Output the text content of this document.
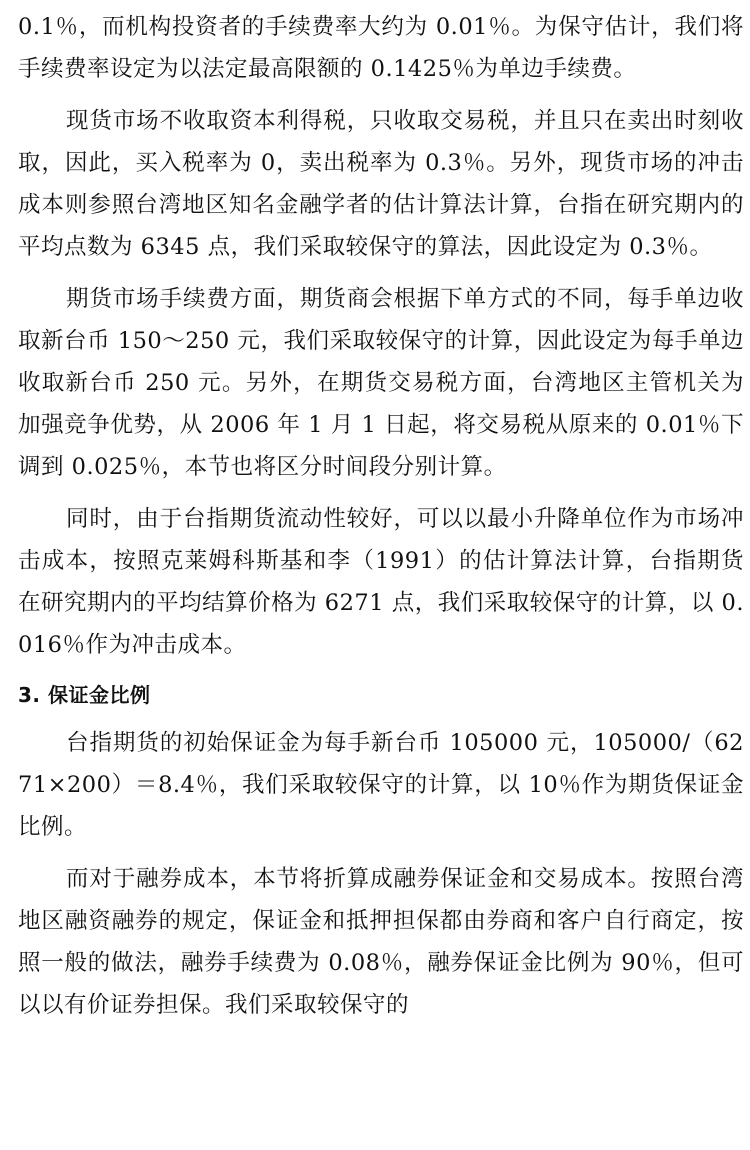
0.1％，而机构投资者的手续费率大约为 0.01％。为保守估计，我们将手续费率设定为以法定最高限额的 0.1425％为单边手续费。

现货市场不收取资本利得税，只收取交易税，并且只在卖出时刻收取，因此，买入税率为 0，卖出税率为 0.3％。另外，现货市场的冲击成本则参照台湾地区知名金融学者的估计算法计算，台指在研究期内的平均点数为 6345 点，我们采取较保守的算法，因此设定为 0.3％。

期货市场手续费方面，期货商会根据下单方式的不同，每手单边收取新台币 150～250 元，我们采取较保守的计算，因此设定为每手单边收取新台币 250 元。另外，在期货交易税方面，台湾地区主管机关为加强竞争优势，从 2006 年 1 月 1 日起，将交易税从原来的 0.01％下调到 0.025％，本节也将区分时间段分别计算。

同时，由于台指期货流动性较好，可以以最小升降单位作为市场冲击成本，按照克莱姆科斯基和李（1991）的估计算法计算，台指期货在研究期内的平均结算价格为 6271 点，我们采取较保守的计算，以 0.016％作为冲击成本。

3. 保证金比例

台指期货的初始保证金为每手新台币 105000 元，105000/（6271×200）＝8.4％，我们采取较保守的计算，以 10％作为期货保证金比例。

而对于融券成本，本节将折算成融券保证金和交易成本。按照台湾地区融资融券的规定，保证金和抵押担保都由券商和客户自行商定，按照一般的做法，融券手续费为 0.08％，融券保证金比例为 90％，但可以以有价证券担保。我们采取较保守的
